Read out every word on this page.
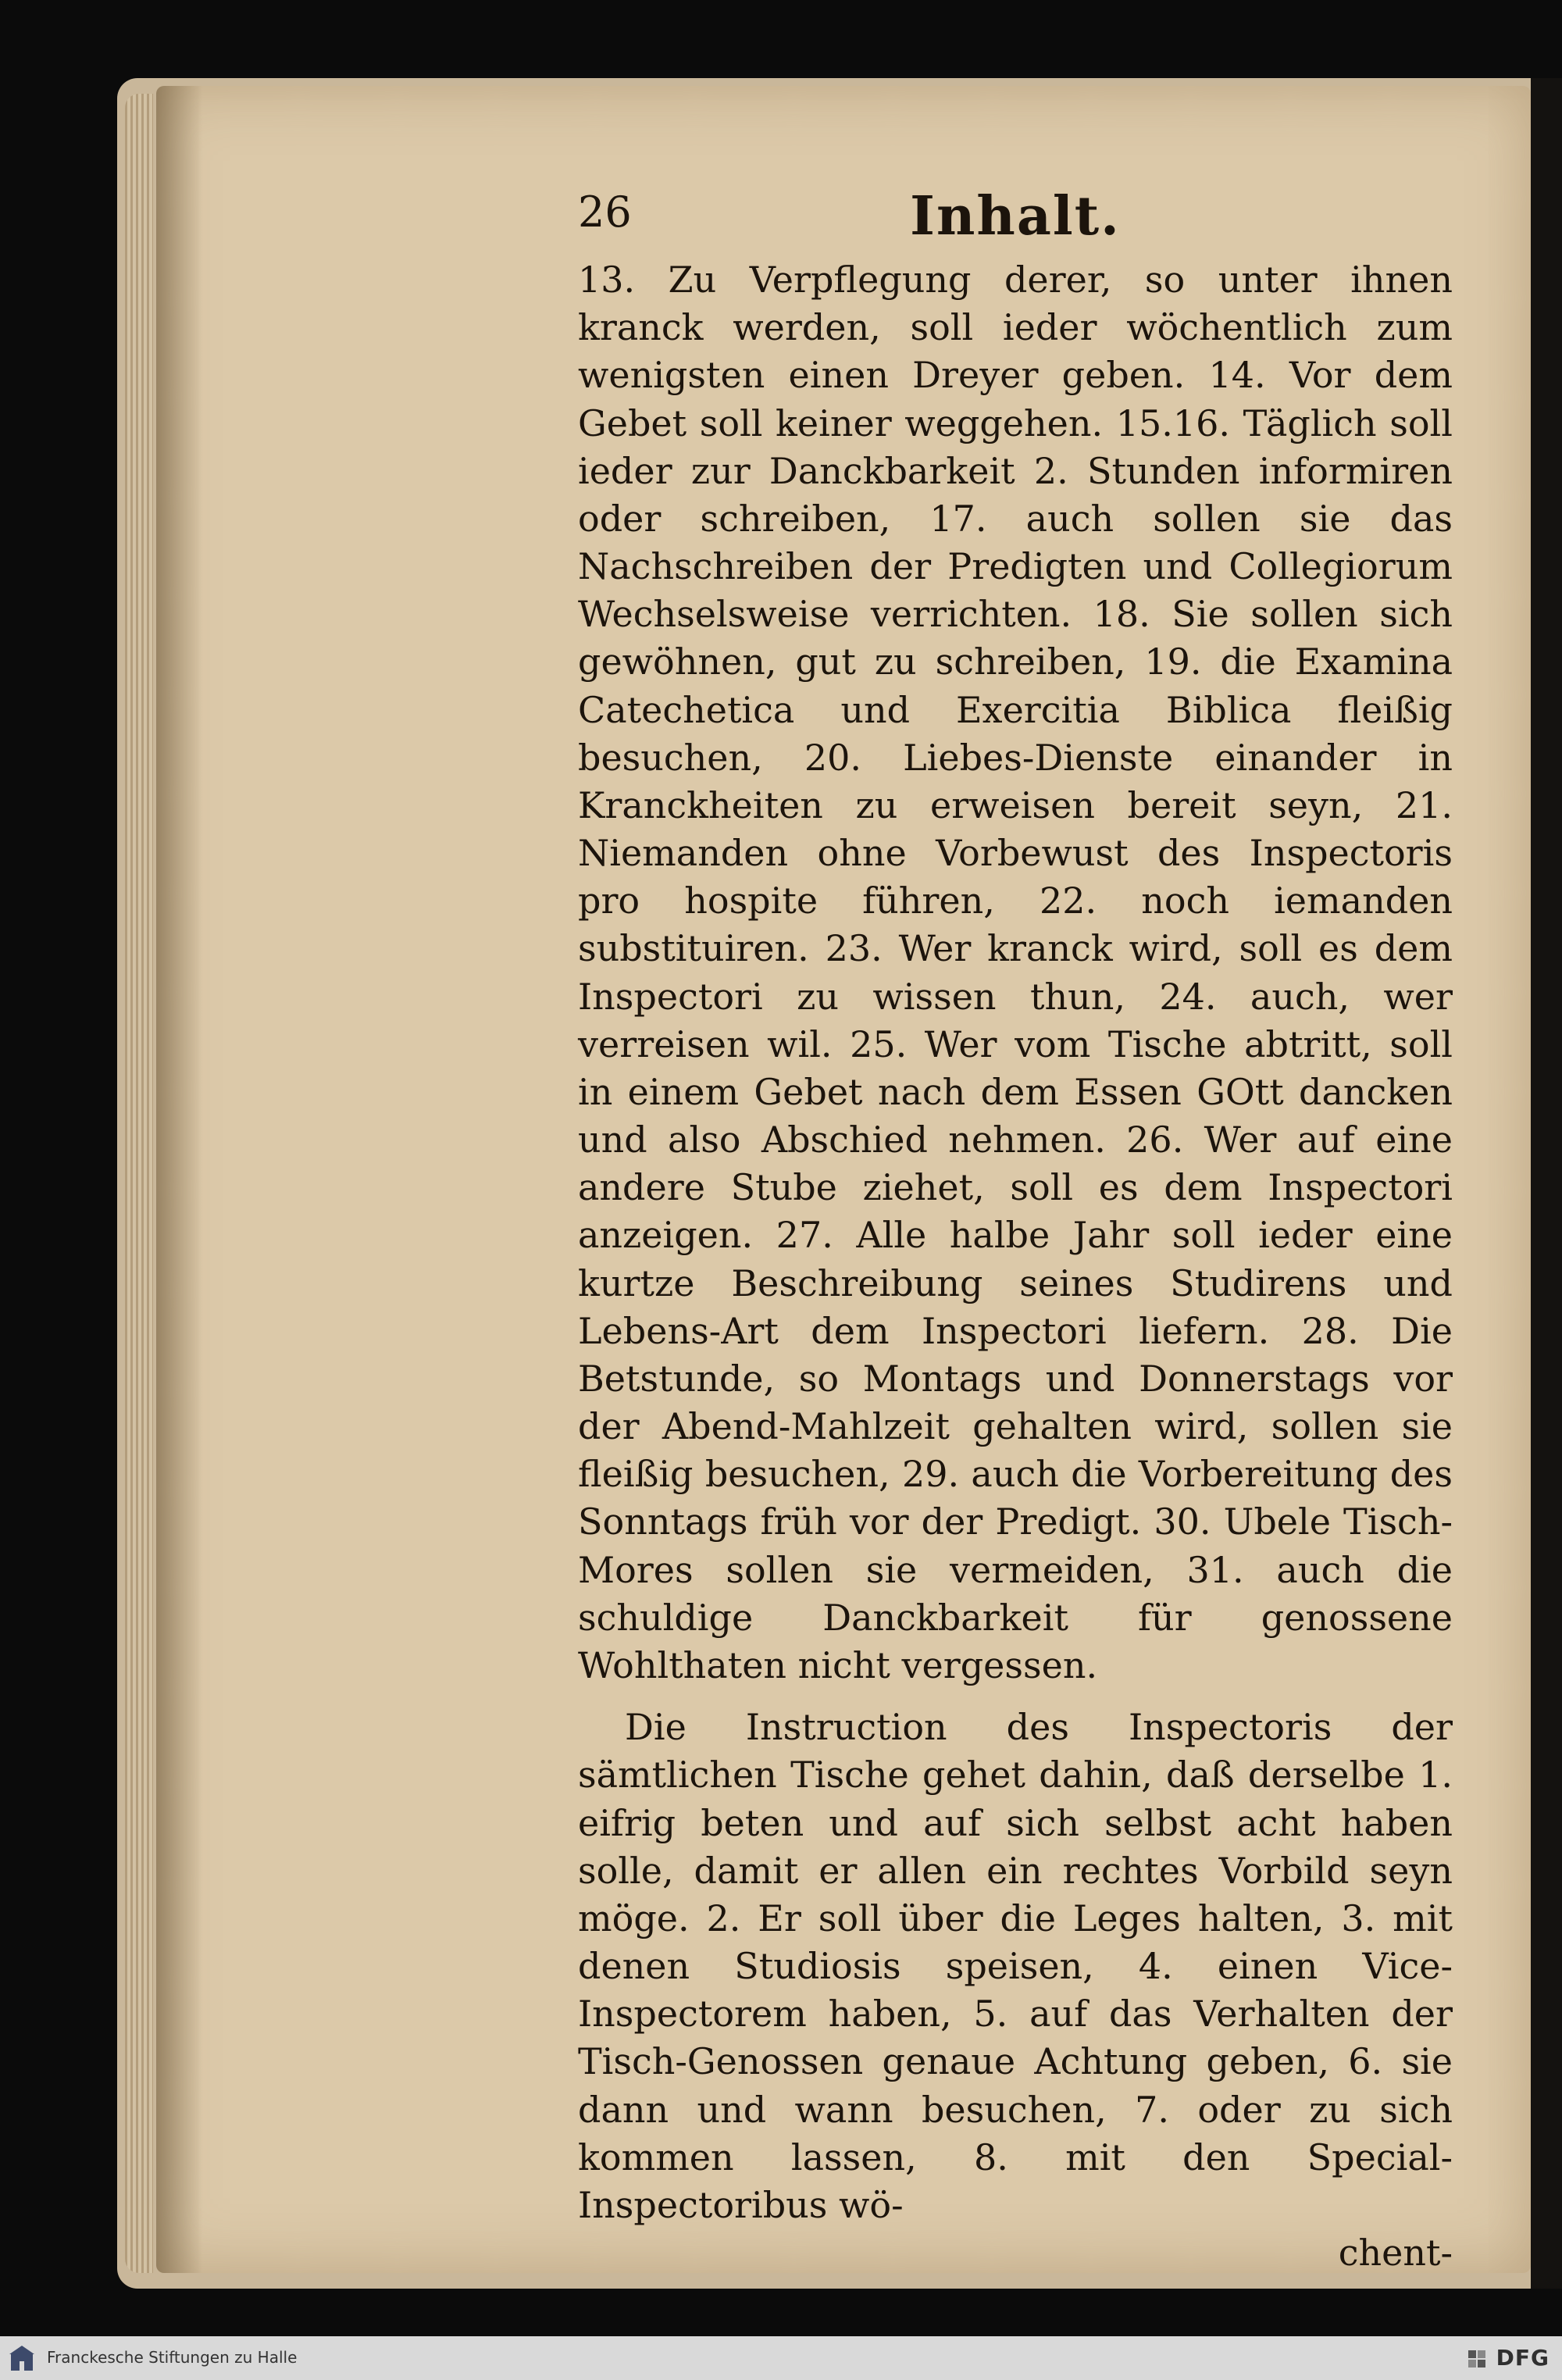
26	Inhalt.

13. Zu Verpflegung derer, so unter ihnen kranck werden, soll ieder wöchentlich zum wenigsten einen Dreyer geben. 14. Vor dem Gebet soll keiner weggehen. 15.16. Täglich soll ieder zur Danckbarkeit 2. Stunden informiren oder schreiben, 17. auch sollen sie das Nachschreiben der Predigten und Collegiorum Wechselsweise verrichten. 18. Sie sollen sich gewöhnen, gut zu schreiben, 19. die Examina Catechetica und Exercitia Biblica fleißig besuchen, 20. Liebes-Dienste einander in Kranckheiten zu erweisen bereit seyn, 21. Niemanden ohne Vorbewust des Inspectoris pro hospite führen, 22. noch iemanden substituiren. 23. Wer kranck wird, soll es dem Inspectori zu wissen thun, 24. auch, wer verreisen wil. 25. Wer vom Tische abtritt, soll in einem Gebet nach dem Essen GOtt dancken und also Abschied nehmen. 26. Wer auf eine andere Stube ziehet, soll es dem Inspectori anzeigen. 27. Alle halbe Jahr soll ieder eine kurtze Beschreibung seines Studirens und Lebens-Art dem Inspectori liefern. 28. Die Betstunde, so Montags und Donnerstags vor der Abend-Mahlzeit gehalten wird, sollen sie fleißig besuchen, 29. auch die Vorbereitung des Sonntags früh vor der Predigt. 30. Ubele Tisch-Mores sollen sie vermeiden, 31. auch die schuldige Danckbarkeit für genossene Wohlthaten nicht vergessen.

Die Instruction des Inspectoris der sämtlichen Tische gehet dahin, daß derselbe 1. eifrig beten und auf sich selbst acht haben solle, damit er allen ein rechtes Vorbild seyn möge. 2. Er soll über die Leges halten, 3. mit denen Studiosis speisen, 4. einen Vice-Inspectorem haben, 5. auf das Verhalten der Tisch-Genossen genaue Achtung geben, 6. sie dann und wann besuchen, 7. oder zu sich kommen lassen, 8. mit den Special-Inspectoribus wö-

chent-

Franckesche Stiftungen zu Halle	DFG
